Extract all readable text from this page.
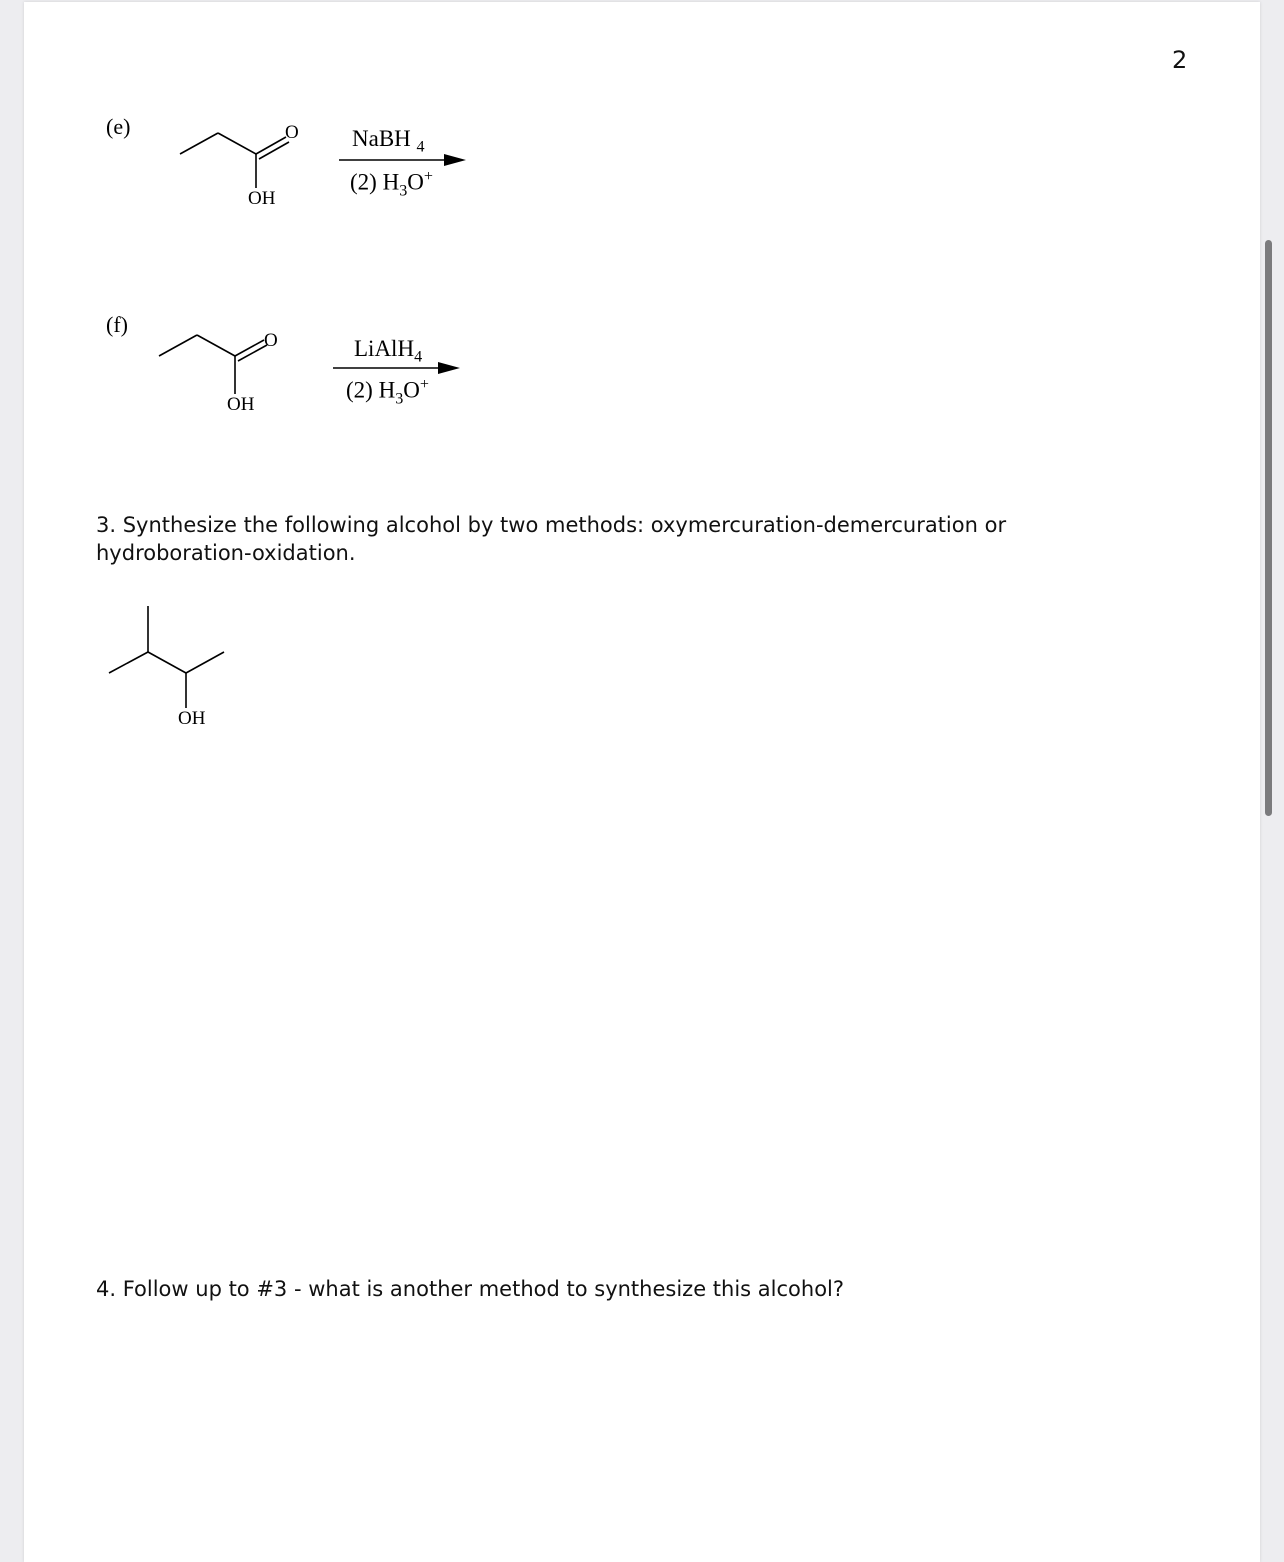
2
(e)	O
OH
NaBH $_4$
(2) $H_3O^+$
(f)
O
OH
LiAlH$_4$
(2) $H_3O^+$
3. Synthesize the following alcohol by two methods: oxymercuration-demercuration or hydroboration-oxidation.
OH
4. Follow up to #3 - what is another method to synthesize this alcohol?
